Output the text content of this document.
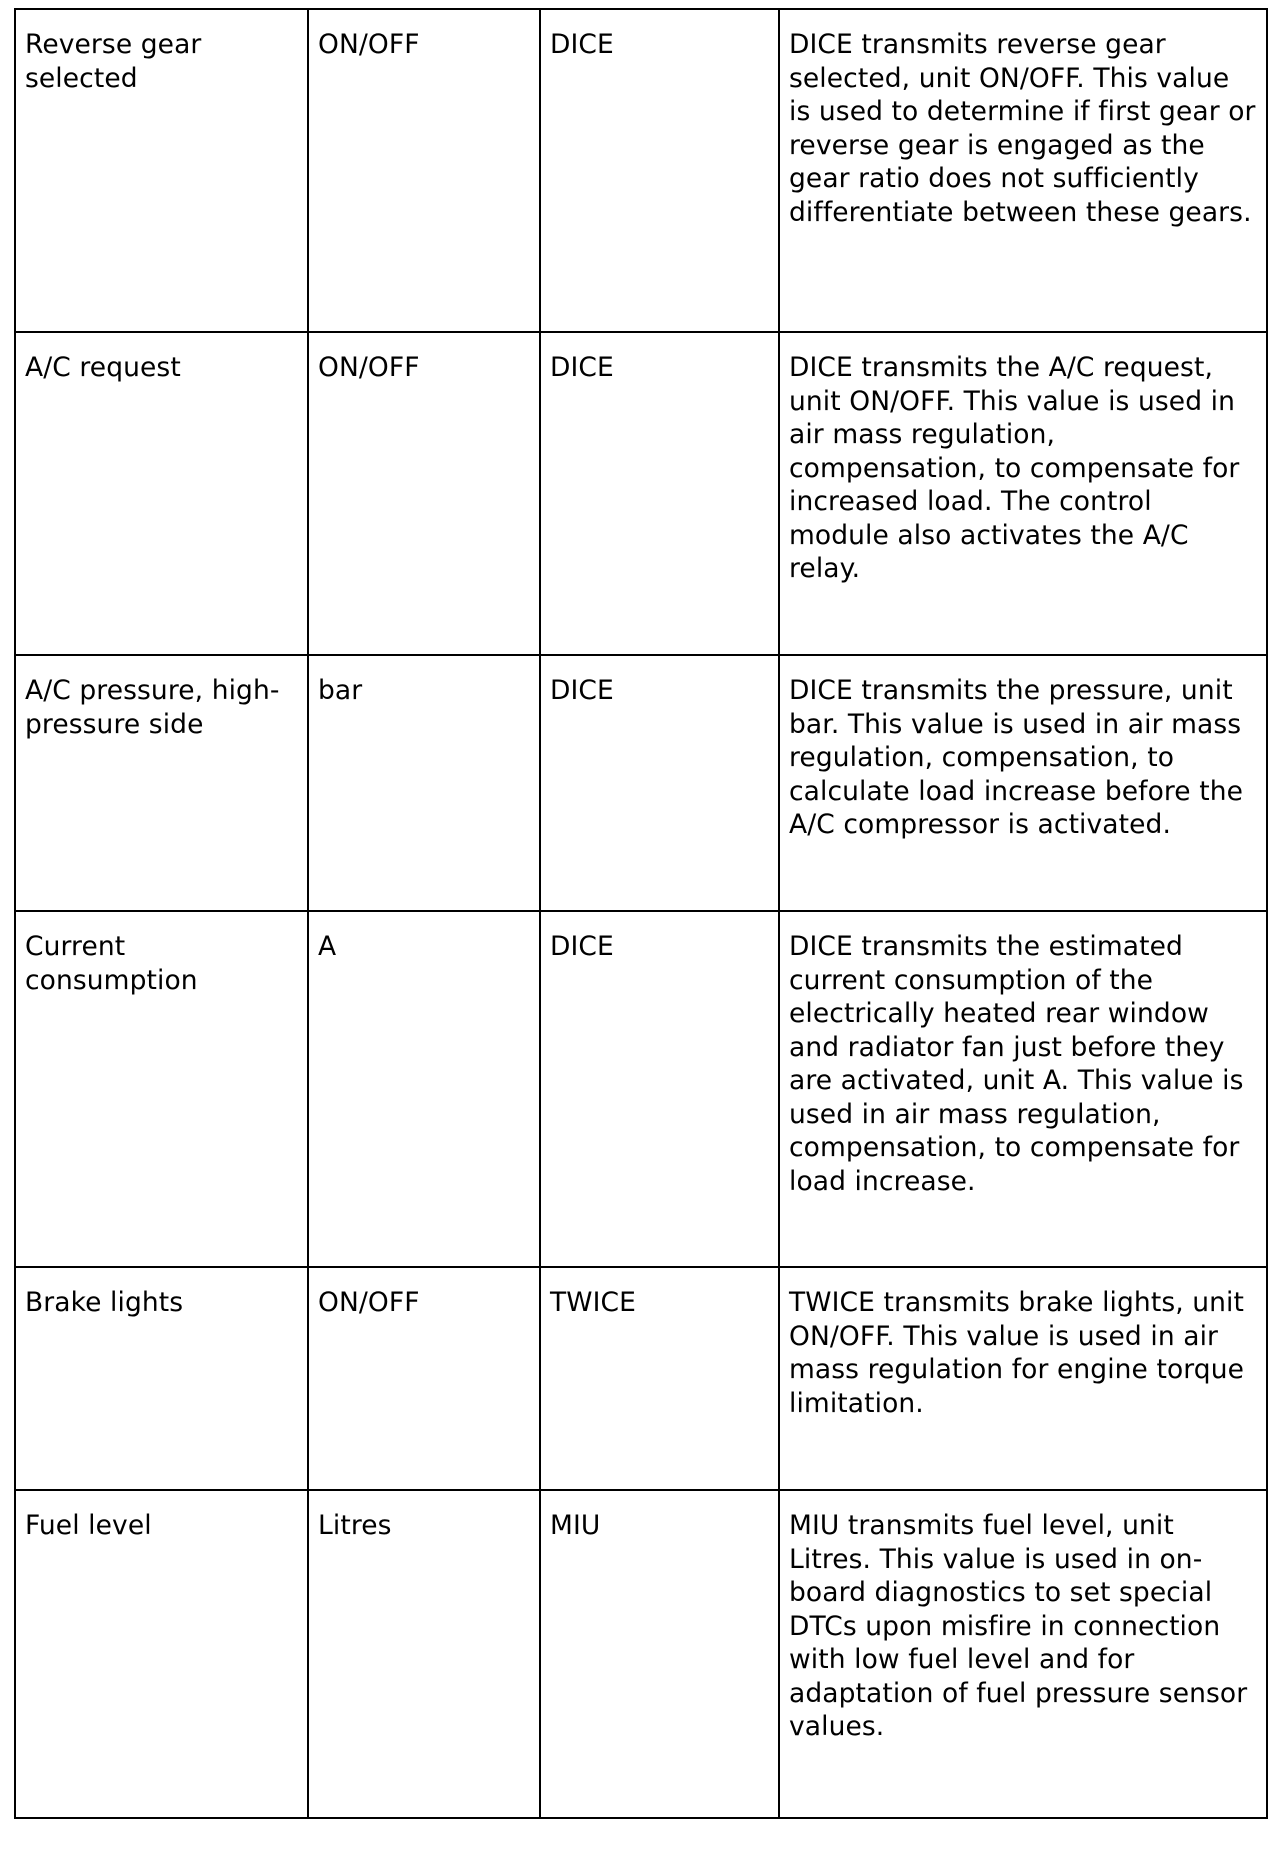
Reverse gear selected	ON/OFF	DICE	DICE transmits reverse gear selected, unit ON/OFF. This value is used to determine if first gear or reverse gear is engaged as the gear ratio does not sufficiently differentiate between these gears.
A/C request	ON/OFF	DICE	DICE transmits the A/C request, unit ON/OFF. This value is used in air mass regulation, compensation, to compensate for increased load. The control module also activates the A/C relay.
A/C pressure, high-pressure side	bar	DICE	DICE transmits the pressure, unit bar. This value is used in air mass regulation, compensation, to calculate load increase before the A/C compressor is activated.
Current consumption	A	DICE	DICE transmits the estimated current consumption of the electrically heated rear window and radiator fan just before they are activated, unit A. This value is used in air mass regulation, compensation, to compensate for load increase.
Brake lights	ON/OFF	TWICE	TWICE transmits brake lights, unit ON/OFF. This value is used in air mass regulation for engine torque limitation.
Fuel level	Litres	MIU	MIU transmits fuel level, unit Litres. This value is used in on-board diagnostics to set special DTCs upon misfire in connection with low fuel level and for adaptation of fuel pressure sensor values.
